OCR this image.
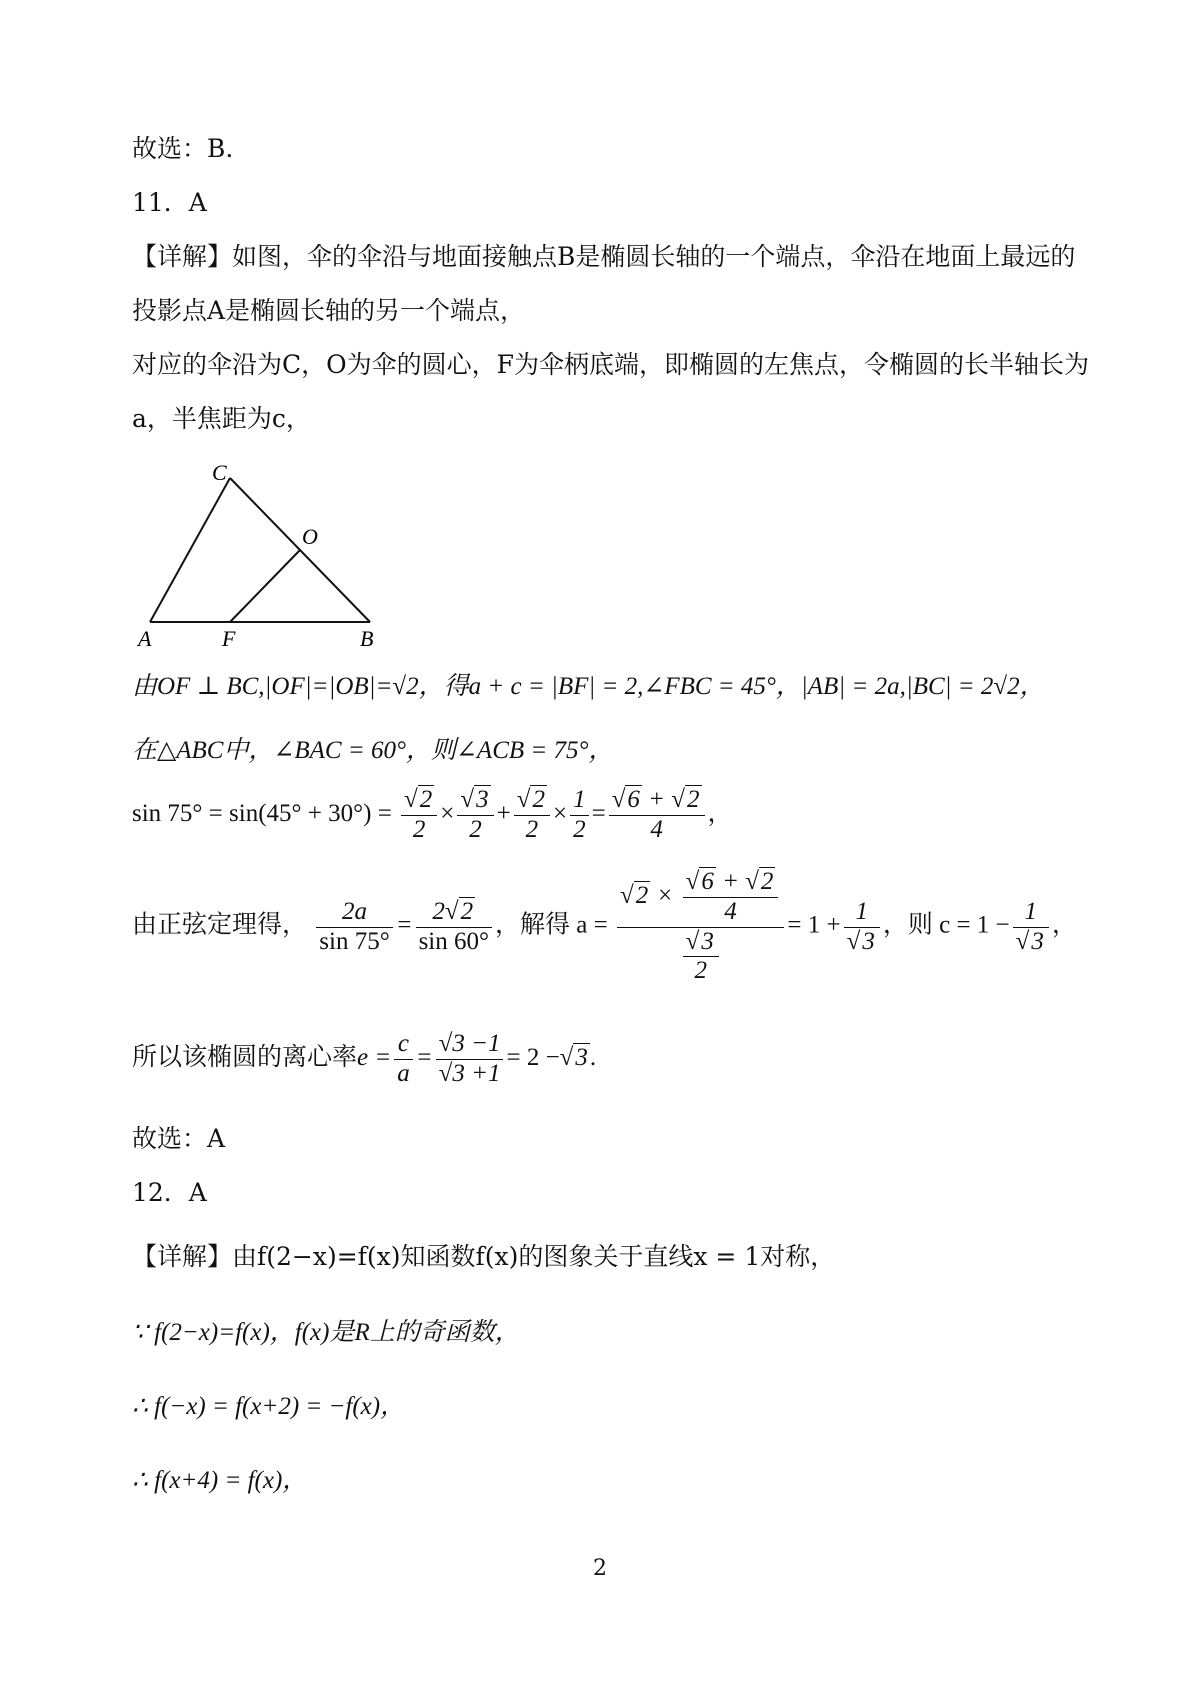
故选：B.
11．A
【详解】如图，伞的伞沿与地面接触点B是椭圆长轴的一个端点，伞沿在地面上最远的
投影点A是椭圆长轴的另一个端点，
对应的伞沿为C，O为伞的圆心，F为伞柄底端，即椭圆的左焦点，令椭圆的长半轴长为
a，半焦距为c，
C
O
A	F	B
由OF ⊥ BC,|OF|=|OB|=√2，得a + c = |BF| = 2,∠FBC = 45°，|AB| = 2a,|BC| = 2√2，
在△ABC中，∠BAC = 60°，则∠ACB = 75°，
$\sin 75^\circ = \sin(45^\circ + 30^\circ) = \frac{√2}{2} \times \frac{√3}{2} + \frac{√2}{2} \times \frac{1}{2} = \frac{√6 + √2}{4}$ ，
由正弦定理得， $\frac{2a}{\sin 75^\circ} = \frac{2√2}{\sin 60^\circ}$ ，解得 $a = \frac{√2 \times \frac{√6 + √2}{4}}{\frac{√3}{2}} = 1 + \frac{1}{√3}$ ，则 $c = 1 - \frac{1}{√3}$ ，
所以该椭圆的离心率$e = \frac{c}{a} = \frac{√3 -1}{√3 +1} = 2 -√3$.
故选：A
12．A
【详解】由f(2−x)=f(x)知函数f(x)的图象关于直线x = 1对称，
∵ f(2−x)=f(x)，f(x)是R上的奇函数，
∴ f(−x) = f(x+2) = −f(x)，
∴ f(x+4) = f(x)，
2
